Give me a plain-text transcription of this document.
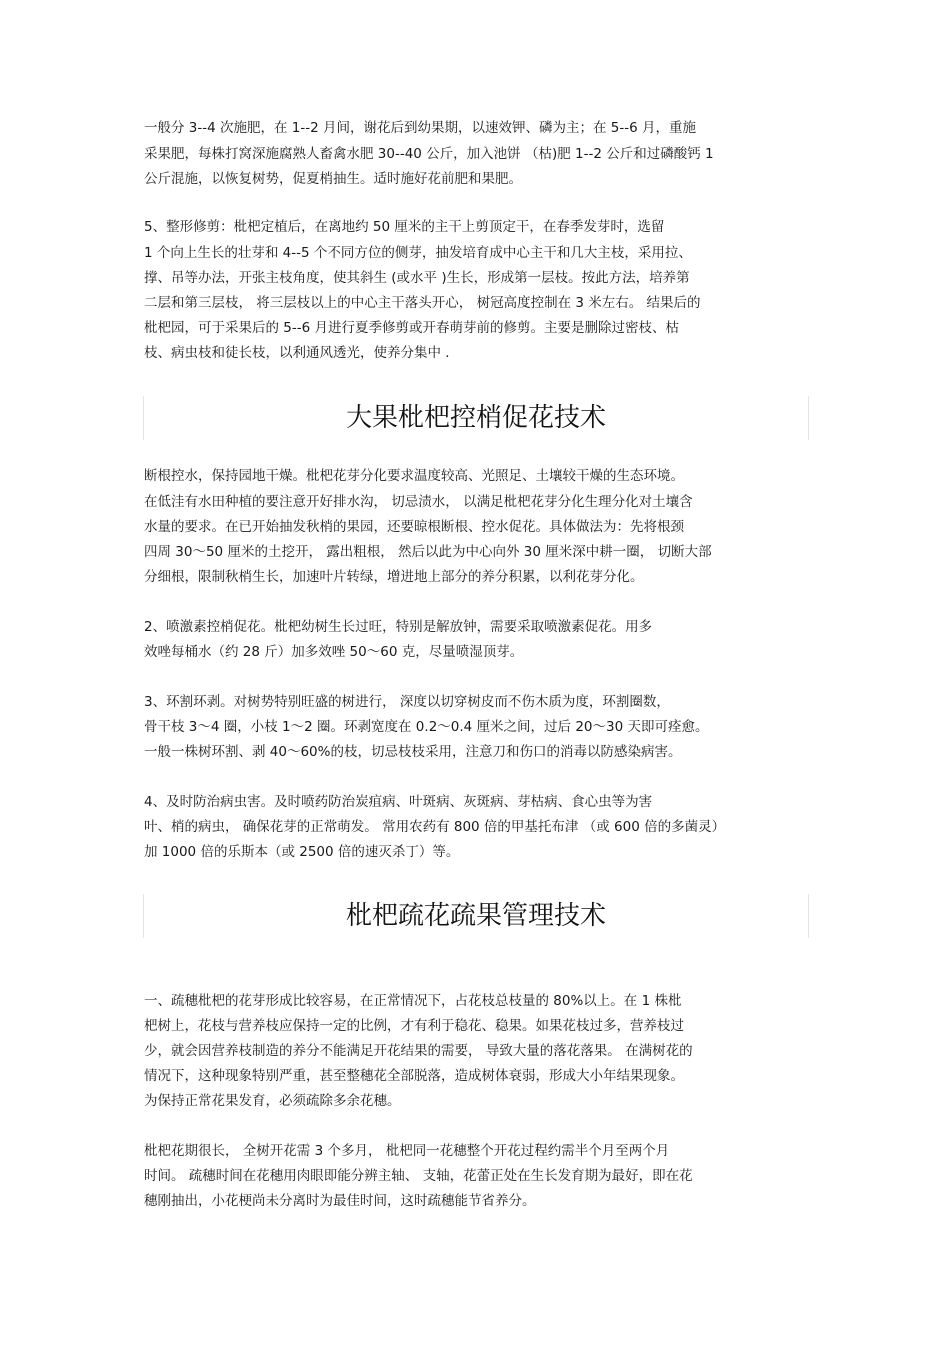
一般分 3--4 次施肥，在 1--2 月间，谢花后到幼果期，以速效钾、磷为主；在 5--6 月，重施

采果肥，每株打窝深施腐熟人畜禽水肥 30--40 公斤，加入池饼 （枯)肥 1--2 公斤和过磷酸钙 1

公斤混施，以恢复树势，促夏梢抽生。适时施好花前肥和果肥。

5、整形修剪：枇杷定植后，在离地约 50 厘米的主干上剪顶定干，在春季发芽时，选留

1 个向上生长的壮芽和 4--5 个不同方位的侧芽，抽发培育成中心主干和几大主枝，采用拉、

撑、吊等办法，开张主枝角度，使其斜生 (或水平 )生长，形成第一层枝。按此方法，培养第

二层和第三层枝， 将三层枝以上的中心主干落头开心， 树冠高度控制在 3 米左右。 结果后的

枇杷园，可于采果后的 5--6 月进行夏季修剪或开春萌芽前的修剪。主要是删除过密枝、枯

枝、病虫枝和徒长枝，以利通风透光，使养分集中 .

大果枇杷控梢促花技术

断根控水，保持园地干燥。枇杷花芽分化要求温度较高、光照足、土壤较干燥的生态环境。

在低洼有水田种植的要注意开好排水沟， 切忌渍水， 以满足枇杷花芽分化生理分化对土壤含

水量的要求。在已开始抽发秋梢的果园，还要晾根断根、控水促花。具体做法为：先将根颈

四周 30～50 厘米的土挖开， 露出粗根， 然后以此为中心向外 30 厘米深中耕一圈， 切断大部

分细根，限制秋梢生长，加速叶片转绿，增进地上部分的养分积累，以利花芽分化。

2、喷激素控梢促花。枇杷幼树生长过旺，特别是解放钟，需要采取喷激素促花。用多

效唑每桶水（约 28 斤）加多效唑 50～60 克，尽量喷湿顶芽。

3、环割环剥。对树势特别旺盛的树进行， 深度以切穿树皮而不伤木质为度，环割圈数，

骨干枝 3～4 圈，小枝 1～2 圈。环剥宽度在 0.2～0.4 厘米之间，过后 20～30 天即可痊愈。

一般一株树环割、剥 40～60%的枝，切忌枝枝采用，注意刀和伤口的消毒以防感染病害。

4、及时防治病虫害。及时喷药防治炭疽病、叶斑病、灰斑病、芽枯病、食心虫等为害

叶、梢的病虫， 确保花芽的正常萌发。 常用农药有 800 倍的甲基托布津 （或 600 倍的多菌灵）

加 1000 倍的乐斯本（或 2500 倍的速灭杀丁）等。

枇杷疏花疏果管理技术

一、疏穗枇杷的花芽形成比较容易，在正常情况下，占花枝总枝量的 80%以上。在 1 株枇

杷树上，花枝与营养枝应保持一定的比例，才有利于稳花、稳果。如果花枝过多，营养枝过

少，就会因营养枝制造的养分不能满足开花结果的需要， 导致大量的落花落果。 在满树花的

情况下，这种现象特别严重，甚至整穗花全部脱落，造成树体衰弱，形成大小年结果现象。

为保持正常花果发育，必须疏除多余花穗。

枇杷花期很长， 全树开花需 3 个多月， 枇杷同一花穗整个开花过程约需半个月至两个月

时间。 疏穗时间在花穗用肉眼即能分辨主轴、 支轴，花蕾正处在生长发育期为最好，即在花

穗刚抽出，小花梗尚未分离时为最佳时间，这时疏穗能节省养分。
